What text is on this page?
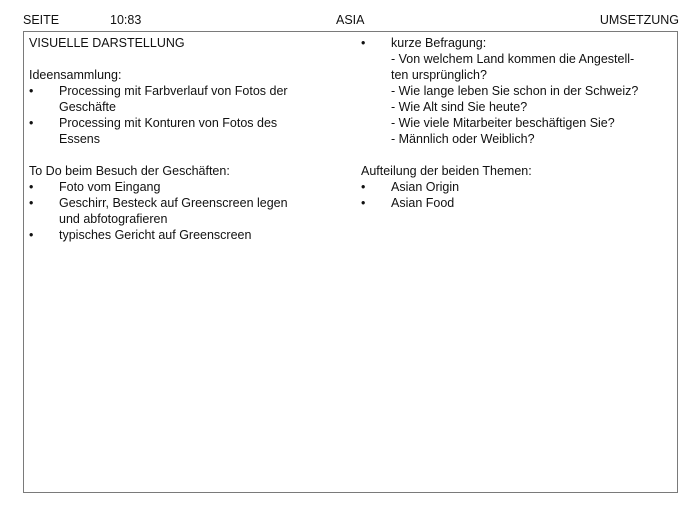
SEITE	10:83	ASIA	UMSETZUNG
VISUELLE DARSTELLUNG
Ideensammlung:
• Processing mit Farbverlauf von Fotos der
Geschäfte
• Processing mit Konturen von Fotos des
Essens
To Do beim Besuch der Geschäften:
• Foto vom Eingang
• Geschirr, Besteck auf Greenscreen legen
und abfotografieren
• typisches Gericht auf Greenscreen
• kurze Befragung:
- Von welchem Land kommen die Angestell-
ten ursprünglich?
- Wie lange leben Sie schon in der Schweiz?
- Wie Alt sind Sie heute?
- Wie viele Mitarbeiter beschäftigen Sie?
- Männlich oder Weiblich?
Aufteilung der beiden Themen:
• Asian Origin
• Asian Food
